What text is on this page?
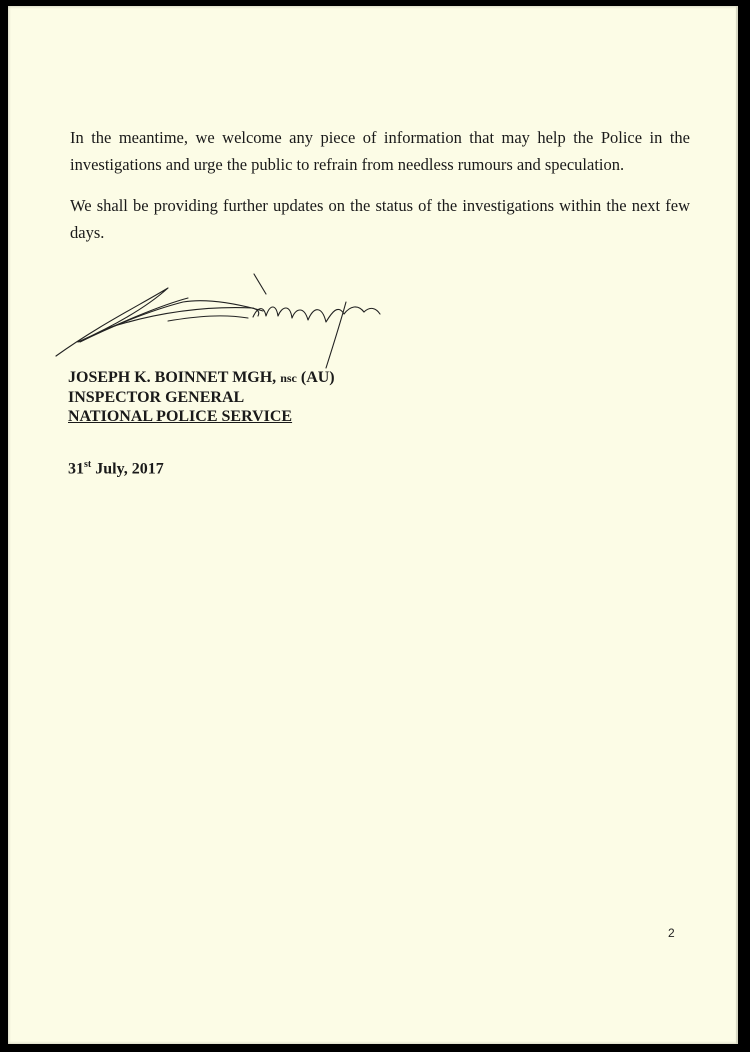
In the meantime, we welcome any piece of information that may help the Police in the investigations and urge the public to refrain from needless rumours and speculation.

We shall be providing further updates on the status of the investigations within the next few days.

JOSEPH K. BOINNET MGH, nsc (AU)
INSPECTOR GENERAL
NATIONAL POLICE SERVICE
31st July, 2017
2
